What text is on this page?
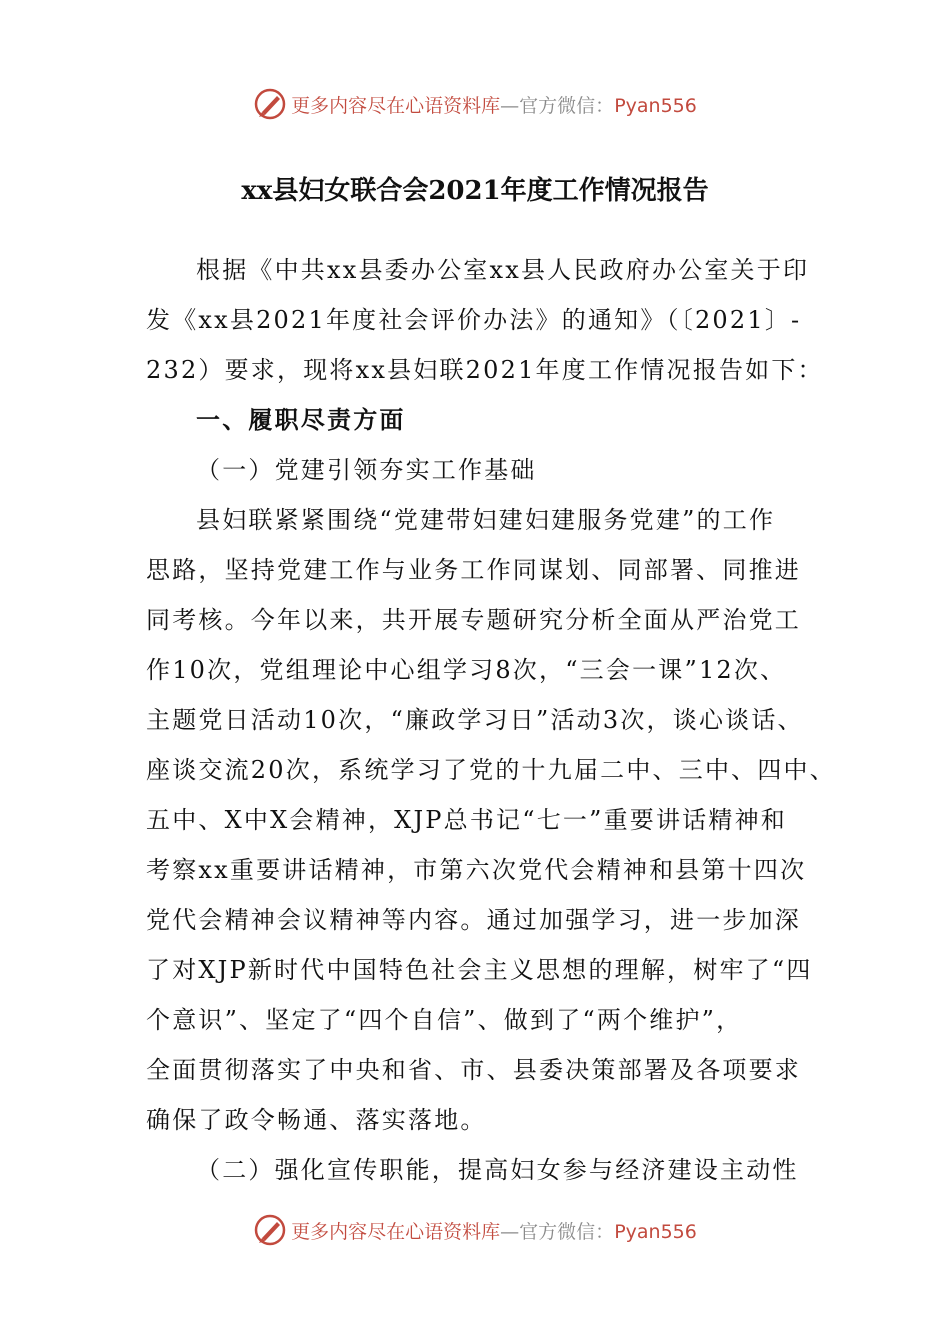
更多内容尽在心语资料库—官方微信：Pyan556
xx县妇女联合会2021年度工作情况报告
根据《中共xx县委办公室xx县人民政府办公室关于印
发《xx县2021年度社会评价办法》的通知》（〔2021〕-
232）要求，现将xx县妇联2021年度工作情况报告如下：
一、履职尽责方面
（一）党建引领夯实工作基础
县妇联紧紧围绕“党建带妇建妇建服务党建”的工作
思路，坚持党建工作与业务工作同谋划、同部署、同推进
同考核。今年以来，共开展专题研究分析全面从严治党工
作10次，党组理论中心组学习8次，“三会一课”12次、
主题党日活动10次，“廉政学习日”活动3次，谈心谈话、
座谈交流20次，系统学习了党的十九届二中、三中、四中、
五中、X中X会精神，XJP总书记“七一”重要讲话精神和
考察xx重要讲话精神，市第六次党代会精神和县第十四次
党代会精神会议精神等内容。通过加强学习，进一步加深
了对XJP新时代中国特色社会主义思想的理解，树牢了“四
个意识”、坚定了“四个自信”、做到了“两个维护”，
全面贯彻落实了中央和省、市、县委决策部署及各项要求
确保了政令畅通、落实落地。
（二）强化宣传职能，提高妇女参与经济建设主动性
更多内容尽在心语资料库—官方微信：Pyan556
